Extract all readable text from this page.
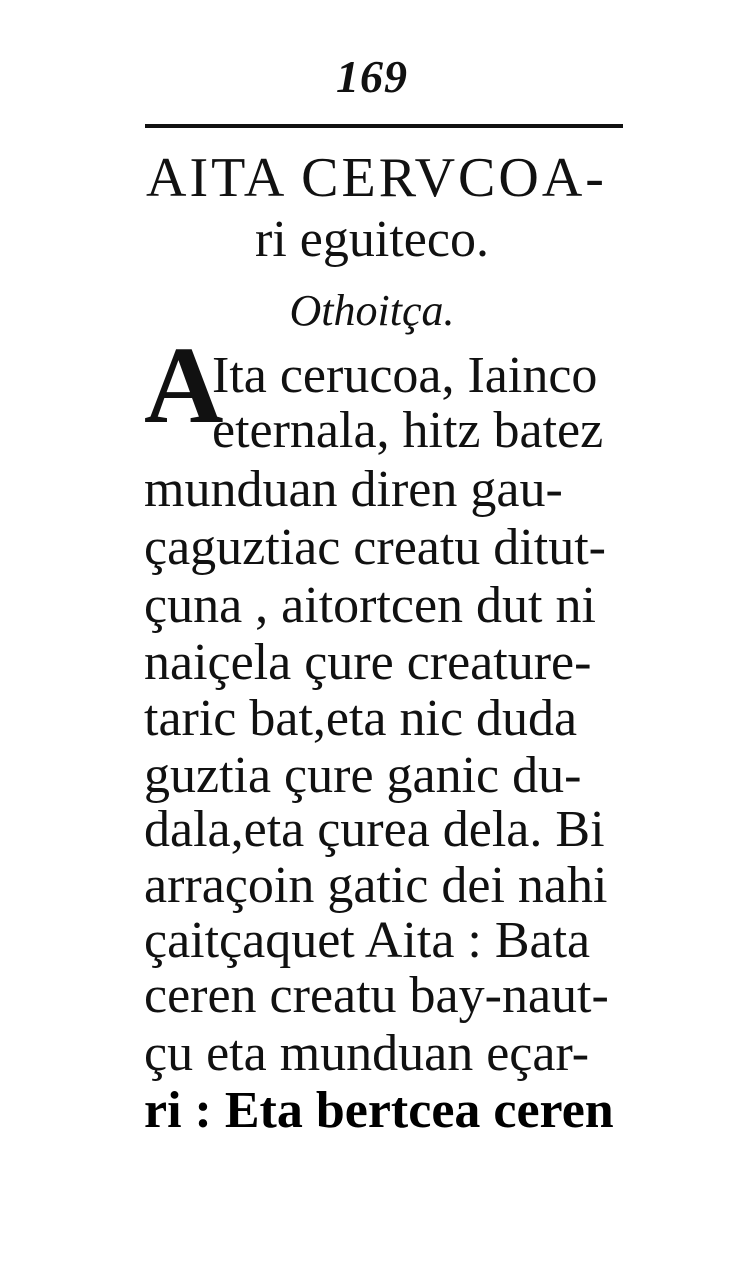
169
AITA CERVCOA-
ri eguiteco.
Othoitça.
A
Ita cerucoa, Iainco
eternala, hitz batez
munduan diren gau-
çaguztiac creatu ditut-
çuna , aitortcen dut ni
naiçela çure creature-
taric bat,eta nic duda
guztia çure ganic du-
dala,eta çurea dela. Bi
arraçoin gatic dei nahi
çaitçaquet Aita : Bata
ceren creatu bay-naut-
çu eta munduan eçar-
ri : Eta bertcea ceren
